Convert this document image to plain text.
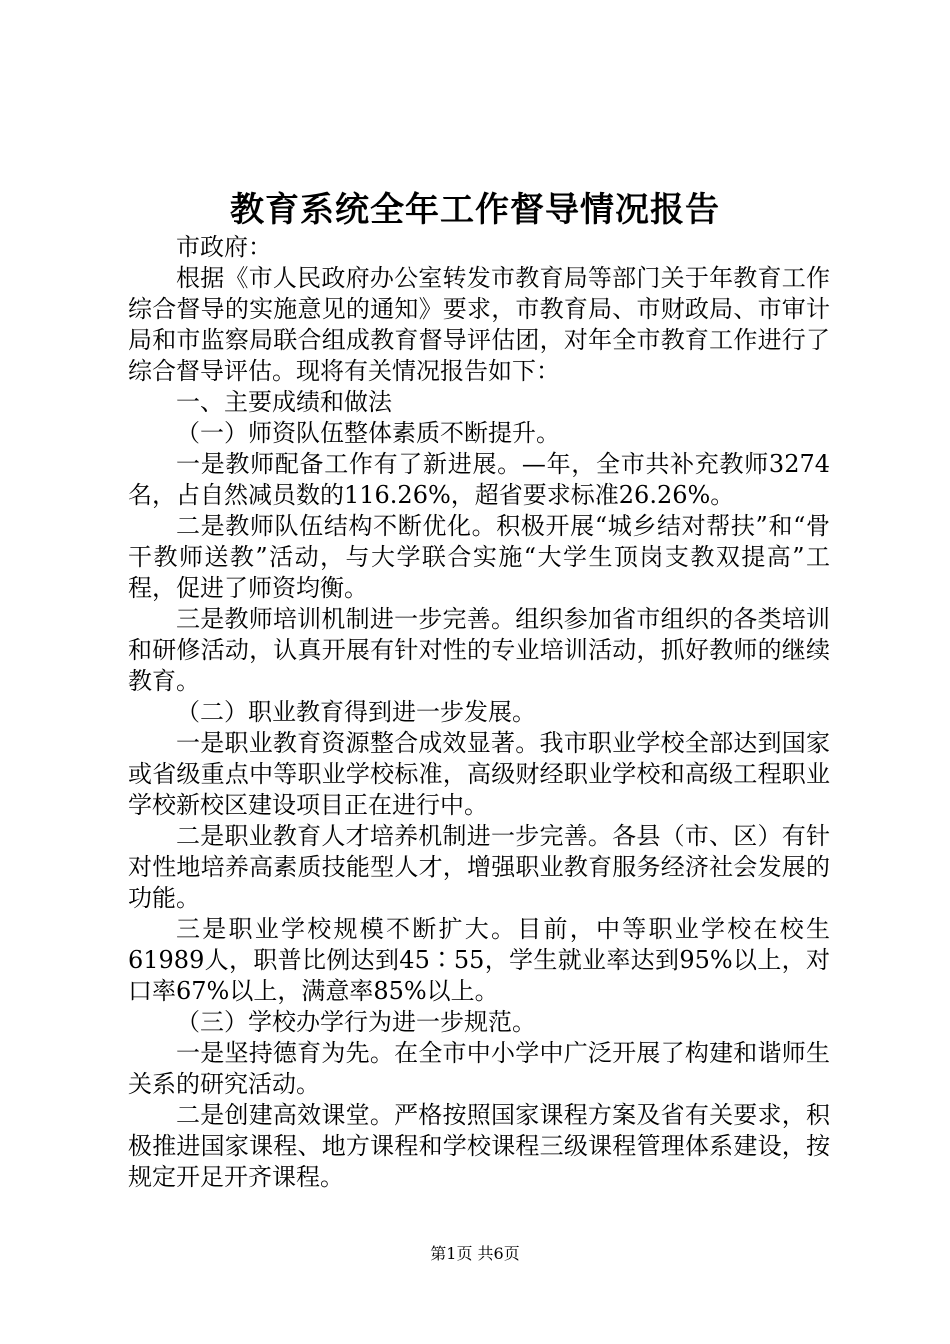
教育系统全年工作督导情况报告

市政府：

根据《市人民政府办公室转发市教育局等部门关于年教育工作综合督导的实施意见的通知》要求，市教育局、市财政局、市审计局和市监察局联合组成教育督导评估团，对年全市教育工作进行了综合督导评估。现将有关情况报告如下：

一、主要成绩和做法

（一）师资队伍整体素质不断提升。

一是教师配备工作有了新进展。—年，全市共补充教师3274名，占自然减员数的116.26%，超省要求标准26.26%。

二是教师队伍结构不断优化。积极开展“城乡结对帮扶”和“骨干教师送教”活动，与大学联合实施“大学生顶岗支教双提高”工程，促进了师资均衡。

三是教师培训机制进一步完善。组织参加省市组织的各类培训和研修活动，认真开展有针对性的专业培训活动，抓好教师的继续教育。

（二）职业教育得到进一步发展。

一是职业教育资源整合成效显著。我市职业学校全部达到国家或省级重点中等职业学校标准，高级财经职业学校和高级工程职业学校新校区建设项目正在进行中。

二是职业教育人才培养机制进一步完善。各县（市、区）有针对性地培养高素质技能型人才，增强职业教育服务经济社会发展的功能。

三是职业学校规模不断扩大。目前，中等职业学校在校生61989人，职普比例达到45∶55，学生就业率达到95%以上，对口率67%以上，满意率85%以上。

（三）学校办学行为进一步规范。

一是坚持德育为先。在全市中小学中广泛开展了构建和谐师生关系的研究活动。

二是创建高效课堂。严格按照国家课程方案及省有关要求，积极推进国家课程、地方课程和学校课程三级课程管理体系建设，按规定开足开齐课程。

第1页 共6页
